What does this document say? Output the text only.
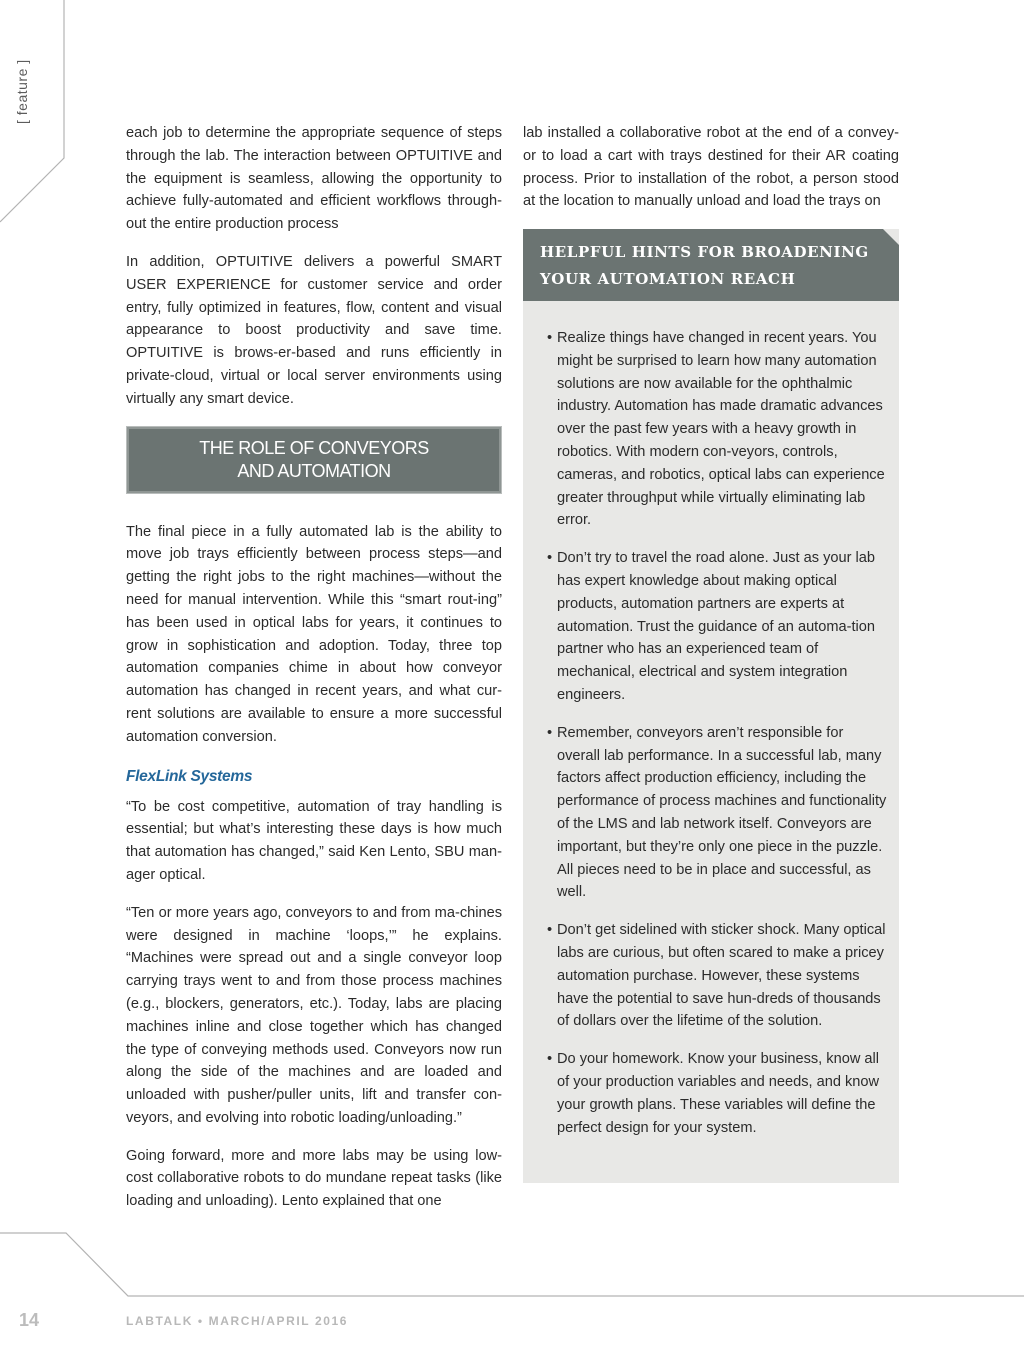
[ feature ]

each job to determine the appropriate sequence of steps through the lab. The interaction between OPTUITIVE and the equipment is seamless, allowing the opportunity to achieve fully-automated and efficient workflows through-out the entire production process

In addition, OPTUITIVE delivers a powerful SMART USER EXPERIENCE for customer service and order entry, fully optimized in features, flow, content and visual appearance to boost productivity and save time. OPTUITIVE is brows-er-based and runs efficiently in private-cloud, virtual or local server environments using virtually any smart device.

THE ROLE OF CONVEYORS
AND AUTOMATION

The final piece in a fully automated lab is the ability to move job trays efficiently between process steps—and getting the right jobs to the right machines—without the need for manual intervention. While this “smart rout-ing” has been used in optical labs for years, it continues to grow in sophistication and adoption. Today, three top automation companies chime in about how conveyor automation has changed in recent years, and what cur-rent solutions are available to ensure a more successful automation conversion.

FlexLink Systems

“To be cost competitive, automation of tray handling is essential; but what’s interesting these days is how much that automation has changed,” said Ken Lento, SBU man-ager optical.

“Ten or more years ago, conveyors to and from ma-chines were designed in machine ‘loops,’” he explains. “Machines were spread out and a single conveyor loop carrying trays went to and from those process machines (e.g., blockers, generators, etc.). Today, labs are placing machines inline and close together which has changed the type of conveying methods used. Conveyors now run along the side of the machines and are loaded and unloaded with pusher/puller units, lift and transfer con-veyors, and evolving into robotic loading/unloading.”

Going forward, more and more labs may be using low-cost collaborative robots to do mundane repeat tasks (like loading and unloading). Lento explained that one

lab installed a collaborative robot at the end of a convey-or to load a cart with trays destined for their AR coating process. Prior to installation of the robot, a person stood at the location to manually unload and load the trays on

HELPFUL HINTS FOR BROADENING
YOUR AUTOMATION REACH
• Realize things have changed in recent years. You might be surprised to learn how many automation solutions are now available for the ophthalmic industry. Automation has made dramatic advances over the past few years with a heavy growth in robotics. With modern con-veyors, controls, cameras, and robotics, optical labs can experience greater throughput while virtually eliminating lab error.
• Don’t try to travel the road alone. Just as your lab has expert knowledge about making optical products, automation partners are experts at automation. Trust the guidance of an automa-tion partner who has an experienced team of mechanical, electrical and system integration engineers.
• Remember, conveyors aren’t responsible for overall lab performance. In a successful lab, many factors affect production efficiency, including the performance of process machines and functionality of the LMS and lab network itself. Conveyors are important, but they’re only one piece in the puzzle. All pieces need to be in place and successful, as well.
• Don’t get sidelined with sticker shock. Many optical labs are curious, but often scared to make a pricey automation purchase. However, these systems have the potential to save hun-dreds of thousands of dollars over the lifetime of the solution.
• Do your homework. Know your business, know all of your production variables and needs, and know your growth plans. These variables will define the perfect design for your system.
14	LABTALK • MARCH/APRIL 2016
